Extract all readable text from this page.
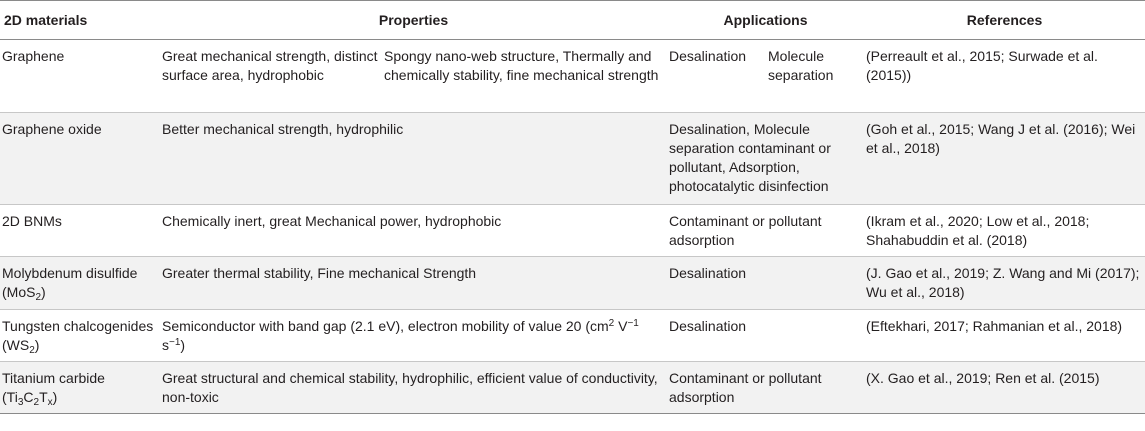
2D materials	Properties		Applications		References
Graphene	Great mechanical strength, distinct surface area, hydrophobic	Spongy nano-web structure, Thermally and chemically stability, fine mechanical strength	Desalination	Molecule separation	(Perreault et al., 2015; Surwade et al. (2015))
Graphene oxide	Better mechanical strength, hydrophilic		Desalination, Molecule separation contaminant or pollutant, Adsorption, photocatalytic disinfection		(Goh et al., 2015; Wang J et al. (2016); Wei et al., 2018)
2D BNMs	Chemically inert, great Mechanical power, hydrophobic		Contaminant or pollutant adsorption		(Ikram et al., 2020; Low et al., 2018; Shahabuddin et al. (2018)
Molybdenum disulfide (MoS$_2$)	Greater thermal stability, Fine mechanical Strength		Desalination		(J. Gao et al., 2019; Z. Wang and Mi (2017); Wu et al., 2018)
Tungsten chalcogenides $(WS_2)$	Semiconductor with band gap (2.1 eV), electron mobility of value 20 ($cm^2$ $V^{-1}$ $s^{-1}$)		Desalination		(Eftekhari, 2017; Rahmanian et al., 2018)
Titanium carbide $(Ti_3C_2T_x)$	Great structural and chemical stability, hydrophilic, efficient value of conductivity, non-toxic		Contaminant or pollutant adsorption		(X. Gao et al., 2019; Ren et al. (2015)
